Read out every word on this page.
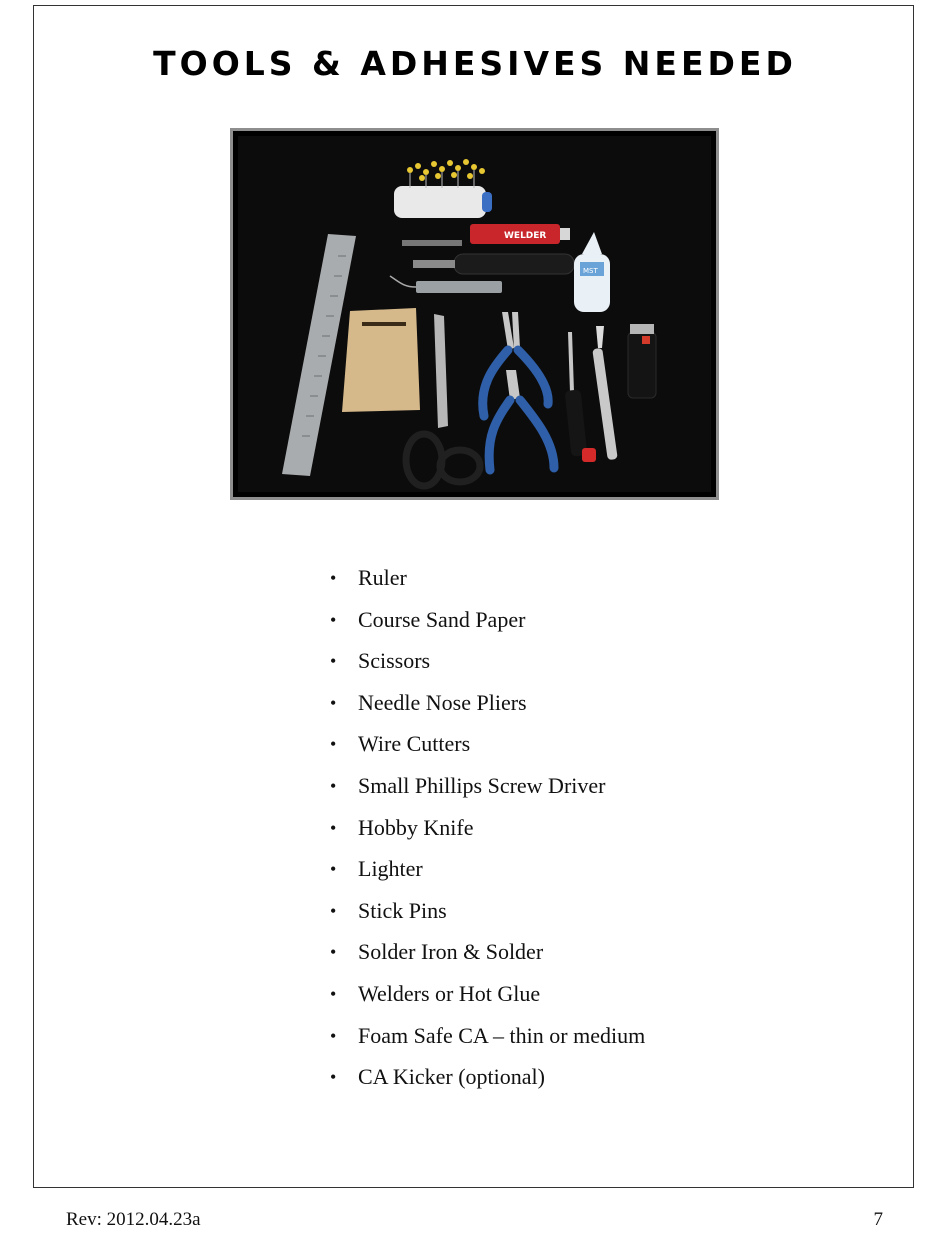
TOOLS & ADHESIVES NEEDED
WELDER
MST
• Ruler
• Course Sand Paper
• Scissors
• Needle Nose Pliers
• Wire Cutters
• Small Phillips Screw Driver
• Hobby Knife
• Lighter
• Stick Pins
• Solder Iron & Solder
• Welders or Hot Glue
• Foam Safe CA – thin or medium
• CA Kicker (optional)
Rev: 2012.04.23a	7
